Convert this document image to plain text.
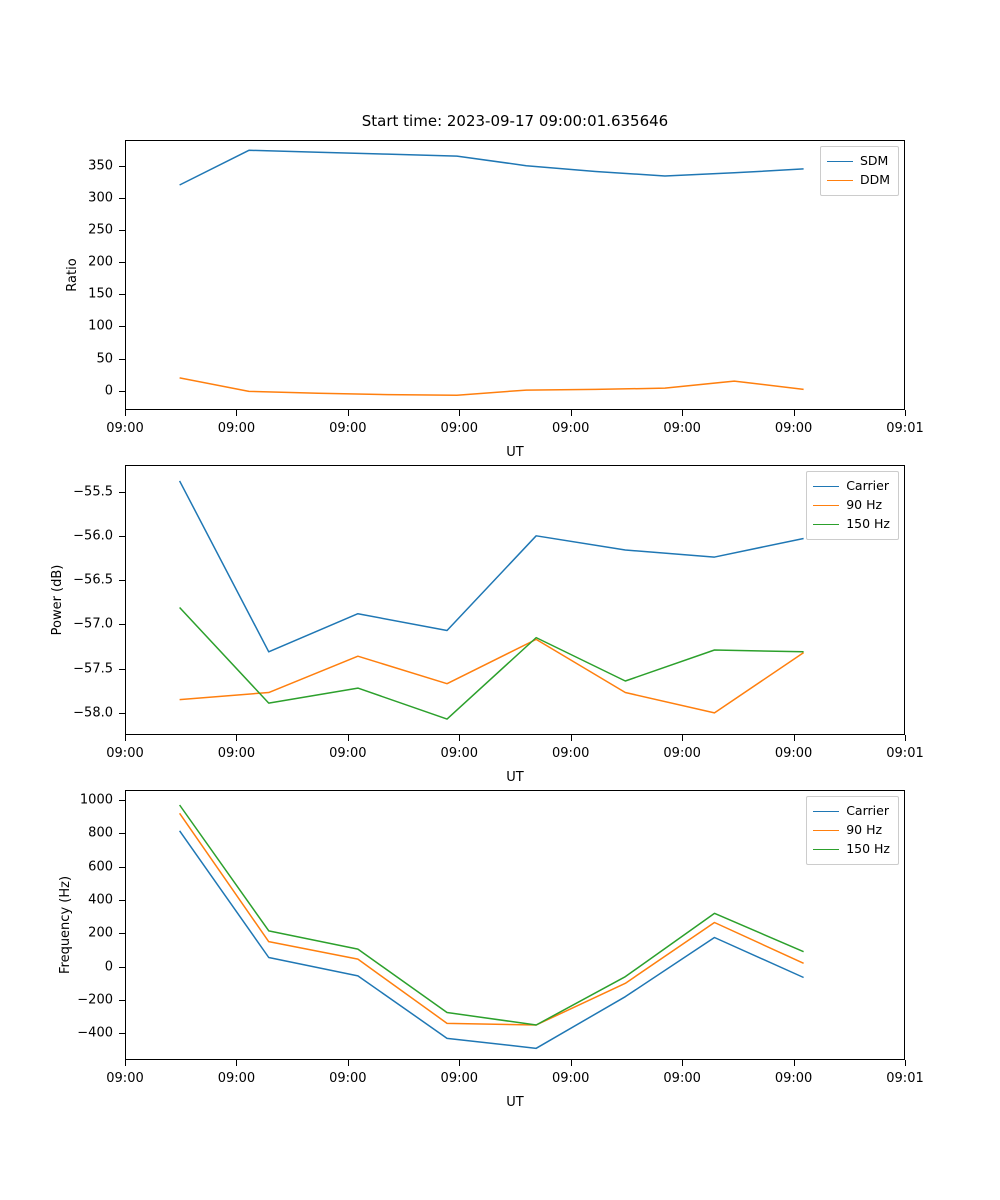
Start time: 2023-09-17 09:00:01.635646
UT
Ratio
SDM
DDM
09:00	09:00	09:00	09:00	09:00	09:00	09:00	09:01
0
50
100
150
200
250
300
350
UT
Power (dB)
Carrier
90 Hz
150 Hz
09:00	09:00	09:00	09:00	09:00	09:00	09:00	09:01
−58.0
−57.5
−57.0
−56.5
−56.0
−55.5
UT
Frequency (Hz)
Carrier
90 Hz
150 Hz
09:00	09:00	09:00	09:00	09:00	09:00	09:00	09:01
−400
−200
0
200
400
600
800
1000
